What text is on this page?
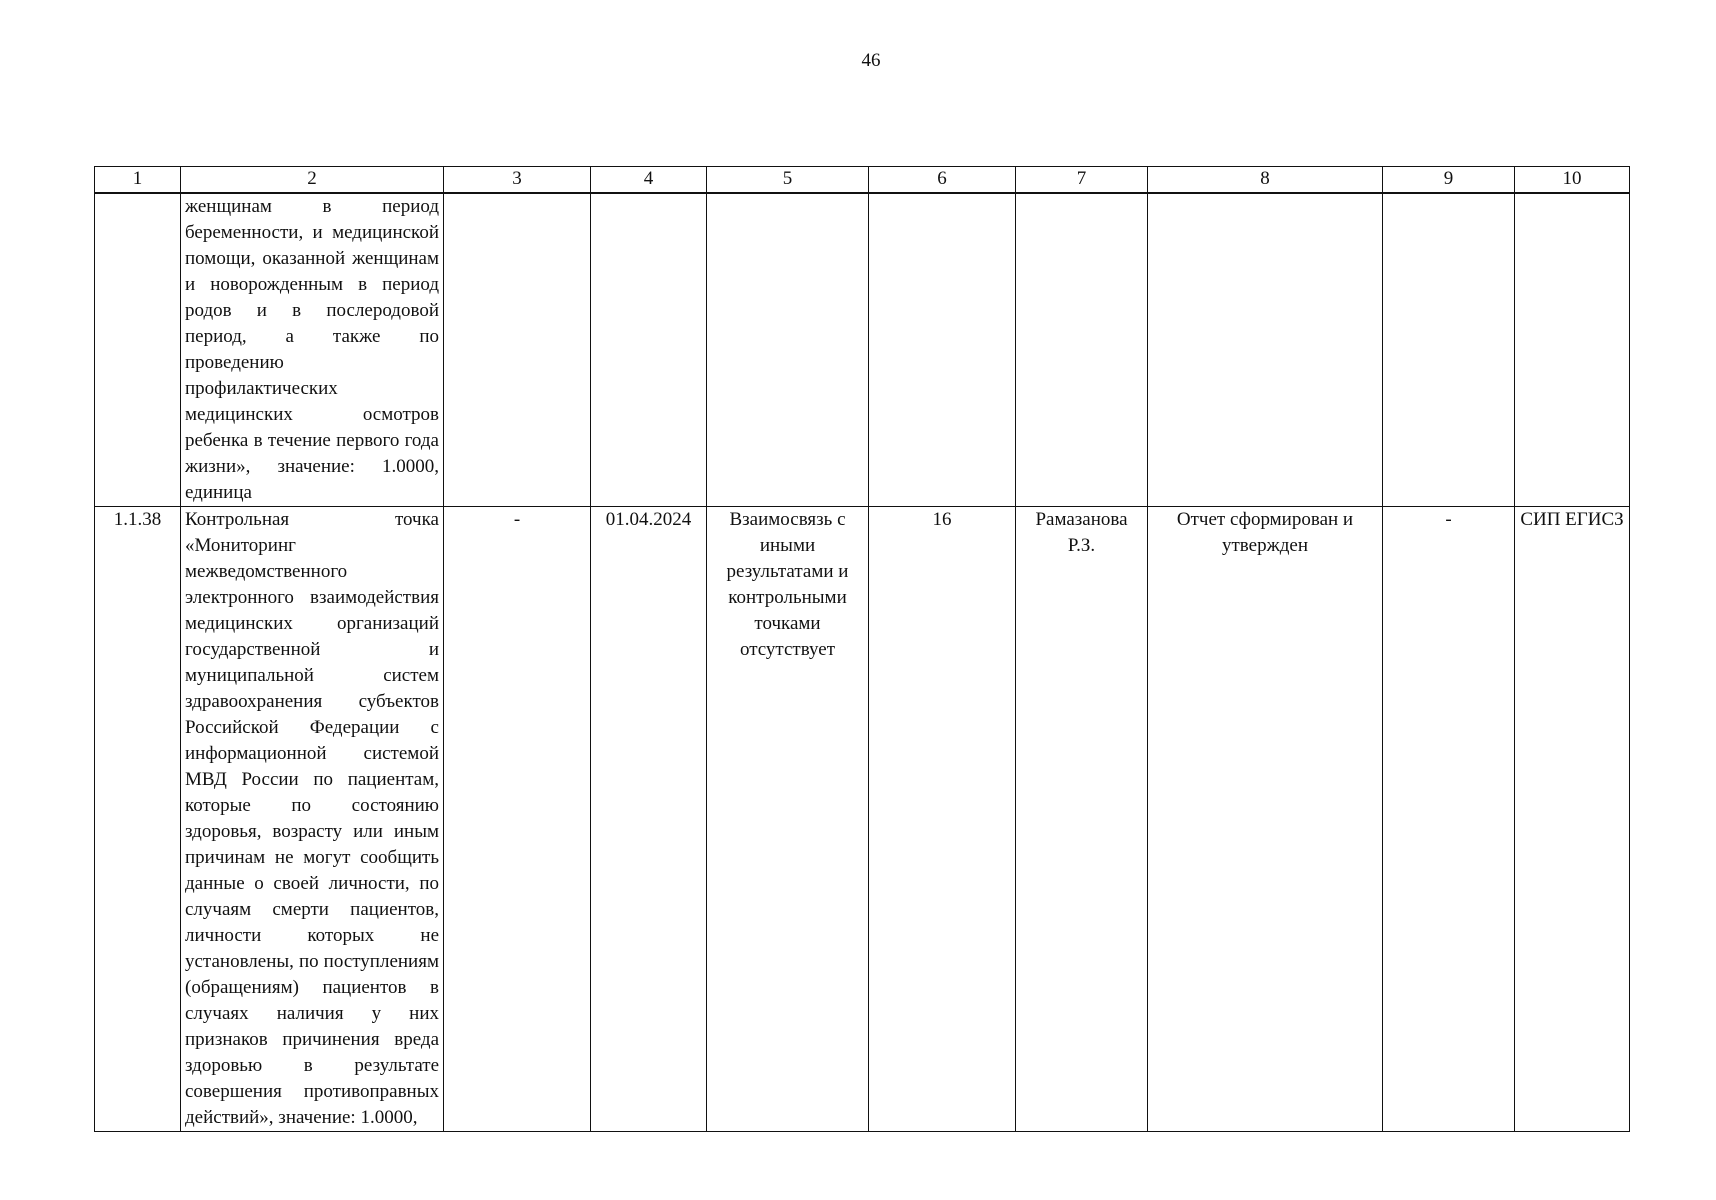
46
1	2	3	4	5	6	7	8	9	10
	женщинам в период беременности, и медицинской помощи, оказанной женщинам и новорожденным в период родов и в послеродовой период, а также по проведению профилактических медицинских осмотров ребенка в течение первого года жизни», значение: 1.0000, единица								
1.1.38	Контрольная точка «Мониторинг межведомственного электронного взаимодействия медицинских организаций государственной и муниципальной систем здравоохранения субъектов Российской Федерации с информационной системой МВД России по пациентам, которые по состоянию здоровья, возрасту или иным причинам не могут сообщить данные о своей личности, по случаям смерти пациентов, личности которых не установлены, по поступлениям (обращениям) пациентов в случаях наличия у них признаков причинения вреда здоровью в результате совершения противоправных действий», значение: 1.0000,	-	01.04.2024	Взаимосвязь с иными результатами и контрольными точками отсутствует	16	Рамазанова Р.З.	Отчет сформирован и утвержден	-	СИП ЕГИСЗ
